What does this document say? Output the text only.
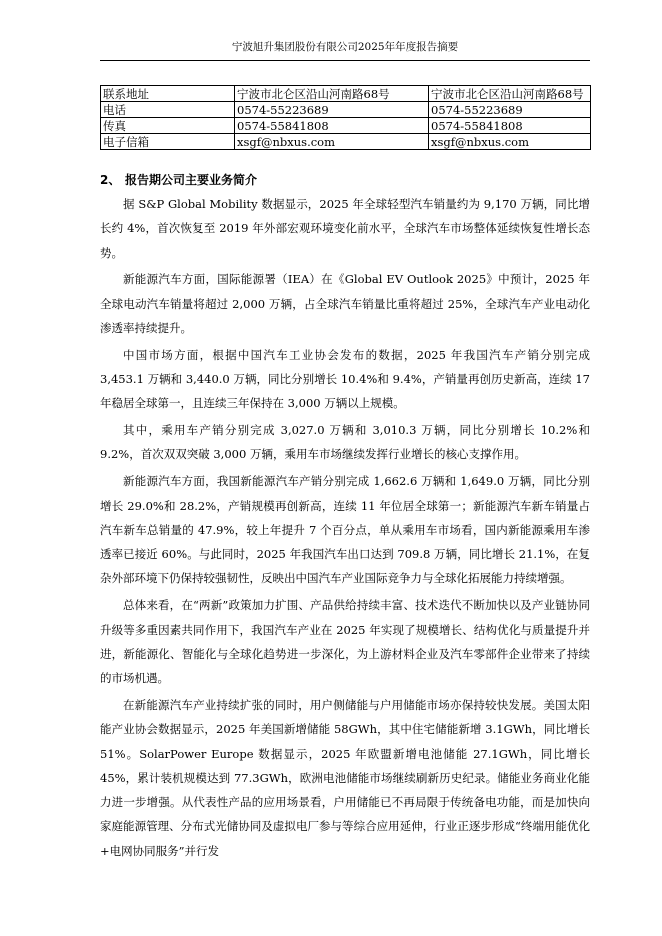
宁波旭升集团股份有限公司2025年年度报告摘要
联系地址	宁波市北仑区沿山河南路68号	宁波市北仑区沿山河南路68号
电话	0574-55223689	0574-55223689
传真	0574-55841808	0574-55841808
电子信箱	xsgf@nbxus.com	xsgf@nbxus.com
2、 报告期公司主要业务简介

据 S&P Global Mobility 数据显示，2025 年全球轻型汽车销量约为 9,170 万辆，同比增长约 4%，首次恢复至 2019 年外部宏观环境变化前水平，全球汽车市场整体延续恢复性增长态势。

新能源汽车方面，国际能源署（IEA）在《Global EV Outlook 2025》中预计，2025 年全球电动汽车销量将超过 2,000 万辆，占全球汽车销量比重将超过 25%，全球汽车产业电动化渗透率持续提升。

中国市场方面，根据中国汽车工业协会发布的数据，2025 年我国汽车产销分别完成 3,453.1 万辆和 3,440.0 万辆，同比分别增长 10.4%和 9.4%，产销量再创历史新高，连续 17 年稳居全球第一，且连续三年保持在 3,000 万辆以上规模。

其中，乘用车产销分别完成 3,027.0 万辆和 3,010.3 万辆，同比分别增长 10.2%和 9.2%，首次双双突破 3,000 万辆，乘用车市场继续发挥行业增长的核心支撑作用。

新能源汽车方面，我国新能源汽车产销分别完成 1,662.6 万辆和 1,649.0 万辆，同比分别增长 29.0%和 28.2%，产销规模再创新高，连续 11 年位居全球第一；新能源汽车新车销量占汽车新车总销量的 47.9%，较上年提升 7 个百分点，单从乘用车市场看，国内新能源乘用车渗透率已接近 60%。与此同时，2025 年我国汽车出口达到 709.8 万辆，同比增长 21.1%，在复杂外部环境下仍保持较强韧性，反映出中国汽车产业国际竞争力与全球化拓展能力持续增强。

总体来看，在“两新”政策加力扩围、产品供给持续丰富、技术迭代不断加快以及产业链协同升级等多重因素共同作用下，我国汽车产业在 2025 年实现了规模增长、结构优化与质量提升并进，新能源化、智能化与全球化趋势进一步深化，为上游材料企业及汽车零部件企业带来了持续的市场机遇。

在新能源汽车产业持续扩张的同时，用户侧储能与户用储能市场亦保持较快发展。美国太阳能产业协会数据显示，2025 年美国新增储能 58GWh，其中住宅储能新增 3.1GWh，同比增长 51%。SolarPower Europe 数据显示，2025 年欧盟新增电池储能 27.1GWh，同比增长 45%，累计装机规模达到 77.3GWh，欧洲电池储能市场继续刷新历史纪录。储能业务商业化能力进一步增强。从代表性产品的应用场景看，户用储能已不再局限于传统备电功能，而是加快向家庭能源管理、分布式光储协同及虚拟电厂参与等综合应用延伸，行业正逐步形成“终端用能优化+电网协同服务”并行发
